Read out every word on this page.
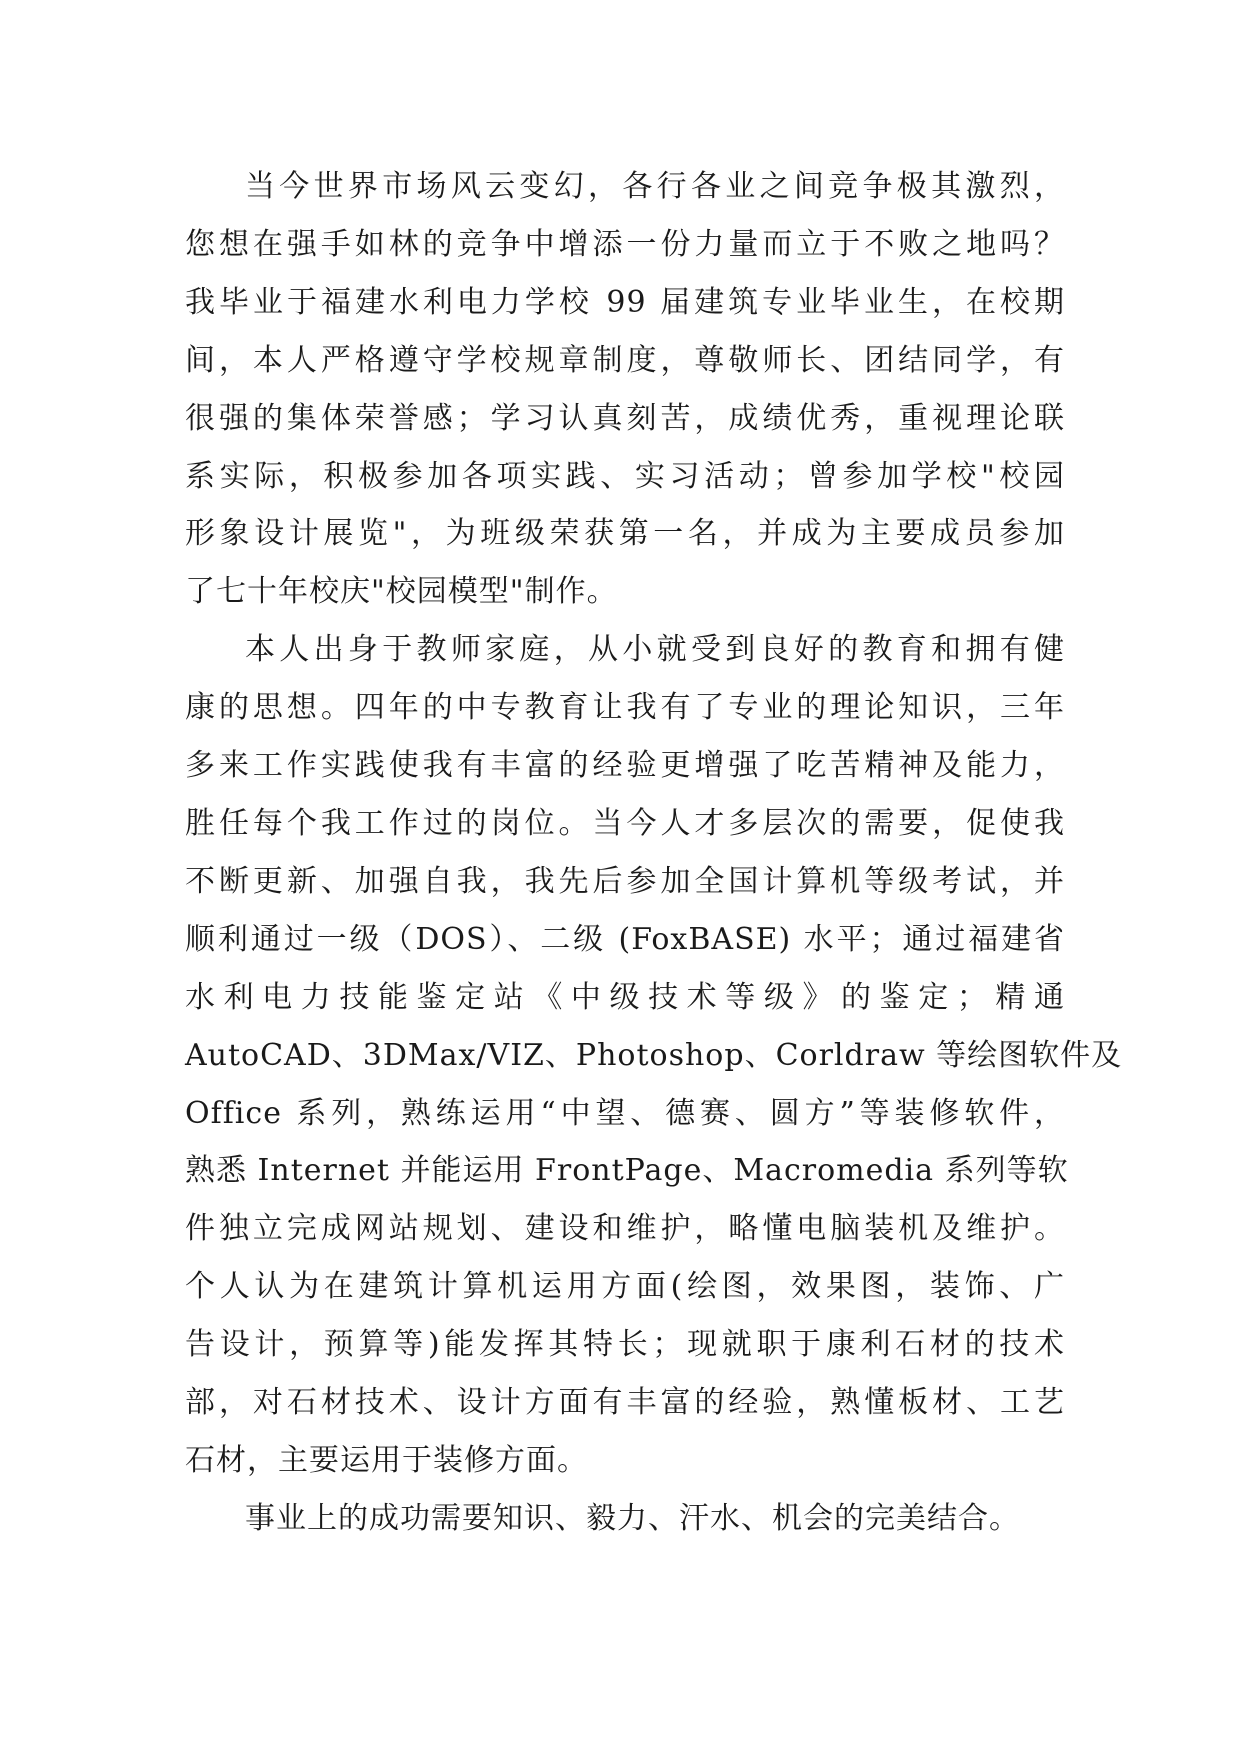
当今世界市场风云变幻，各行各业之间竞争极其激烈，
您想在强手如林的竞争中增添一份力量而立于不败之地吗？
我毕业于福建水利电力学校 99 届建筑专业毕业生，在校期
间，本人严格遵守学校规章制度，尊敬师长、团结同学，有
很强的集体荣誉感；学习认真刻苦，成绩优秀，重视理论联
系实际，积极参加各项实践、实习活动；曾参加学校"校园
形象设计展览"，为班级荣获第一名，并成为主要成员参加
了七十年校庆"校园模型"制作。

本人出身于教师家庭，从小就受到良好的教育和拥有健
康的思想。四年的中专教育让我有了专业的理论知识，三年
多来工作实践使我有丰富的经验更增强了吃苦精神及能力，
胜任每个我工作过的岗位。当今人才多层次的需要，促使我
不断更新、加强自我，我先后参加全国计算机等级考试，并
顺利通过一级（DOS）、二级 (FoxBASE) 水平；通过福建省
水利电力技能鉴定站《中级技术等级》的鉴定；精通
AutoCAD、3DMax/VIZ、Photoshop、Corldraw 等绘图软件及
Office 系列，熟练运用“中望、德赛、圆方”等装修软件，
熟悉 Internet 并能运用 FrontPage、Macromedia 系列等软
件独立完成网站规划、建设和维护，略懂电脑装机及维护。
个人认为在建筑计算机运用方面(绘图，效果图，装饰、广
告设计，预算等)能发挥其特长；现就职于康利石材的技术
部，对石材技术、设计方面有丰富的经验，熟懂板材、工艺
石材，主要运用于装修方面。

事业上的成功需要知识、毅力、汗水、机会的完美结合。
